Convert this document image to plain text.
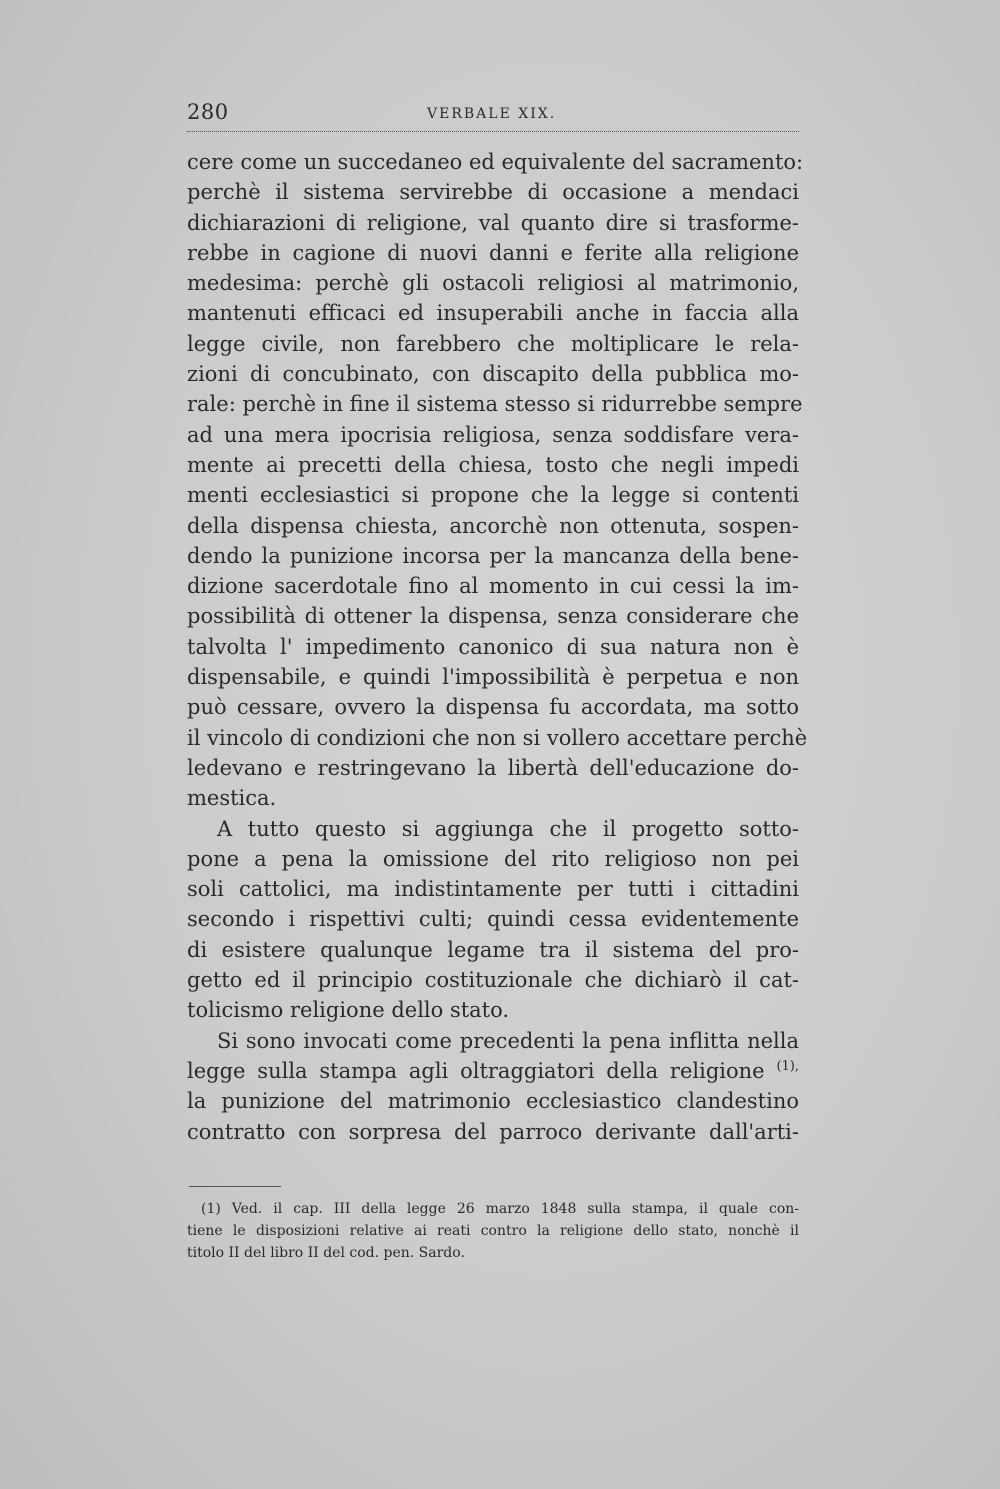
280	VERBALE XIX.
cere come un succedaneo ed equivalente del sacramento:
perchè il sistema servirebbe di occasione a mendaci
dichiarazioni di religione, val quanto dire si trasforme-
rebbe in cagione di nuovi danni e ferite alla religione
medesima: perchè gli ostacoli religiosi al matrimonio,
mantenuti efficaci ed insuperabili anche in faccia alla
legge civile, non farebbero che moltiplicare le rela-
zioni di concubinato, con discapito della pubblica mo-
rale: perchè in fine il sistema stesso si ridurrebbe sempre
ad una mera ipocrisia religiosa, senza soddisfare vera-
mente ai precetti della chiesa, tosto che negli impedi
menti ecclesiastici si propone che la legge si contenti
della dispensa chiesta, ancorchè non ottenuta, sospen-
dendo la punizione incorsa per la mancanza della bene-
dizione sacerdotale fino al momento in cui cessi la im-
possibilità di ottener la dispensa, senza considerare che
talvolta l' impedimento canonico di sua natura non è
dispensabile, e quindi l'impossibilità è perpetua e non
può cessare, ovvero la dispensa fu accordata, ma sotto
il vincolo di condizioni che non si vollero accettare perchè
ledevano e restringevano la libertà dell'educazione do-
mestica.
A tutto questo si aggiunga che il progetto sotto-
pone a pena la omissione del rito religioso non pei
soli cattolici, ma indistintamente per tutti i cittadini
secondo i rispettivi culti; quindi cessa evidentemente
di esistere qualunque legame tra il sistema del pro-
getto ed il principio costituzionale che dichiarò il cat-
tolicismo religione dello stato.
Si sono invocati come precedenti la pena inflitta nella
legge sulla stampa agli oltraggiatori della religione $^{(1),}$
la punizione del matrimonio ecclesiastico clandestino
contratto con sorpresa del parroco derivante dall'arti-
(1) Ved. il cap. III della legge 26 marzo 1848 sulla stampa, il quale con-
tiene le disposizioni relative ai reati contro la religione dello stato, nonchè il
titolo II del libro II del cod. pen. Sardo.
